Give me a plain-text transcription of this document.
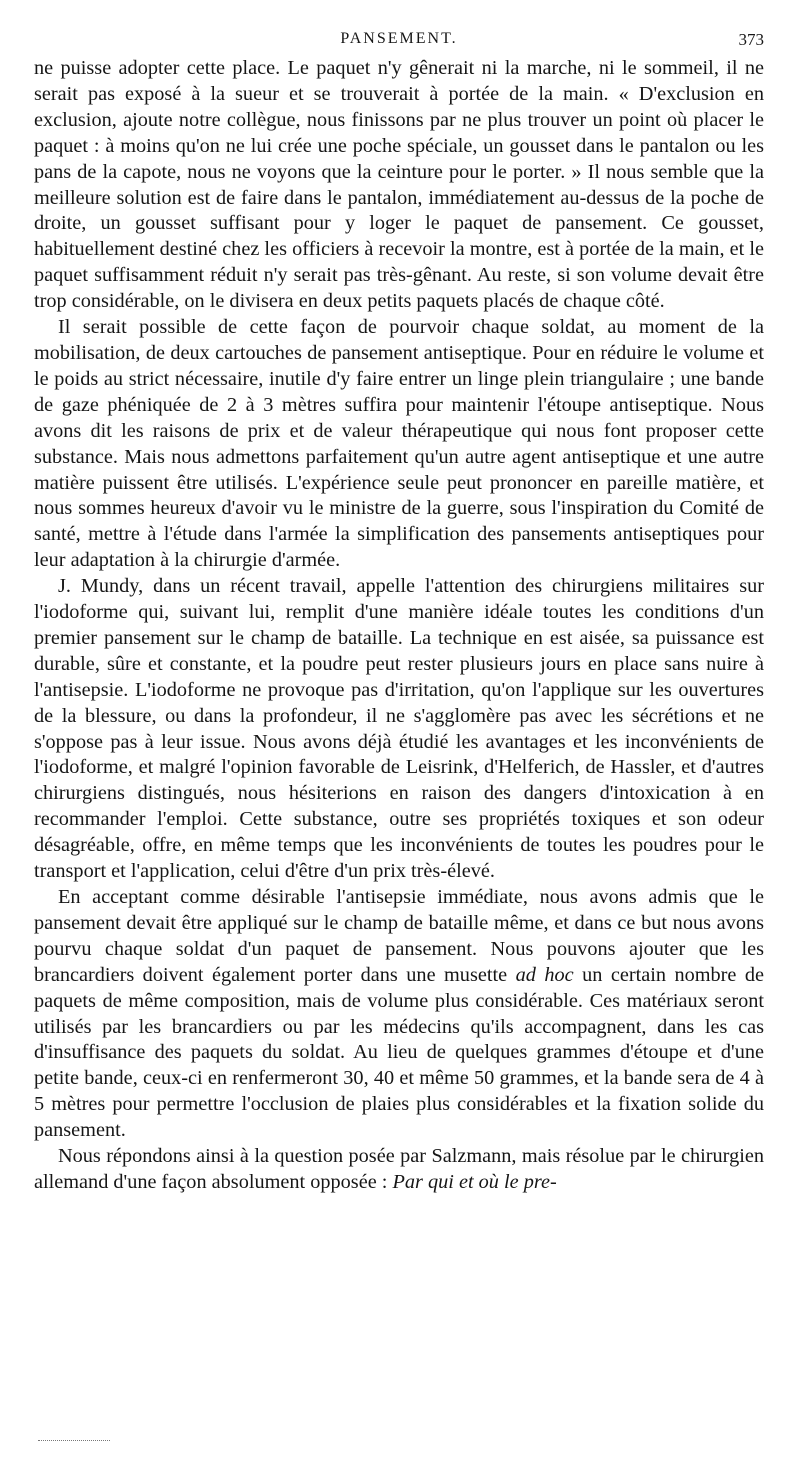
PANSEMENT.	373

ne puisse adopter cette place. Le paquet n'y gênerait ni la marche, ni le sommeil, il ne serait pas exposé à la sueur et se trouverait à portée de la main. « D'exclusion en exclusion, ajoute notre collègue, nous finissons par ne plus trouver un point où placer le paquet : à moins qu'on ne lui crée une poche spéciale, un gousset dans le pantalon ou les pans de la capote, nous ne voyons que la ceinture pour le porter. » Il nous semble que la meilleure solution est de faire dans le pantalon, immédiatement au-dessus de la poche de droite, un gousset suffisant pour y loger le paquet de pansement. Ce gousset, habituellement destiné chez les officiers à recevoir la montre, est à portée de la main, et le paquet suffisamment réduit n'y serait pas très-gênant. Au reste, si son volume devait être trop considérable, on le divisera en deux petits paquets placés de chaque côté.

Il serait possible de cette façon de pourvoir chaque soldat, au moment de la mobilisation, de deux cartouches de pansement antiseptique. Pour en réduire le volume et le poids au strict nécessaire, inutile d'y faire entrer un linge plein triangulaire ; une bande de gaze phéniquée de 2 à 3 mètres suffira pour maintenir l'étoupe antiseptique. Nous avons dit les raisons de prix et de valeur thérapeutique qui nous font proposer cette substance. Mais nous admettons parfaitement qu'un autre agent antiseptique et une autre matière puissent être utilisés. L'expérience seule peut prononcer en pareille matière, et nous sommes heureux d'avoir vu le ministre de la guerre, sous l'inspiration du Comité de santé, mettre à l'étude dans l'armée la simplification des pansements antiseptiques pour leur adaptation à la chirurgie d'armée.

J. Mundy, dans un récent travail, appelle l'attention des chirurgiens militaires sur l'iodoforme qui, suivant lui, remplit d'une manière idéale toutes les conditions d'un premier pansement sur le champ de bataille. La technique en est aisée, sa puissance est durable, sûre et constante, et la poudre peut rester plusieurs jours en place sans nuire à l'antisepsie. L'iodoforme ne provoque pas d'irritation, qu'on l'applique sur les ouvertures de la blessure, ou dans la profondeur, il ne s'agglomère pas avec les sécrétions et ne s'oppose pas à leur issue. Nous avons déjà étudié les avantages et les inconvénients de l'iodoforme, et malgré l'opinion favorable de Leisrink, d'Helferich, de Hassler, et d'autres chirurgiens distingués, nous hésiterions en raison des dangers d'intoxication à en recommander l'emploi. Cette substance, outre ses propriétés toxiques et son odeur désagréable, offre, en même temps que les inconvénients de toutes les poudres pour le transport et l'application, celui d'être d'un prix très-élevé.

En acceptant comme désirable l'antisepsie immédiate, nous avons admis que le pansement devait être appliqué sur le champ de bataille même, et dans ce but nous avons pourvu chaque soldat d'un paquet de pansement. Nous pouvons ajouter que les brancardiers doivent également porter dans une musette ad hoc un certain nombre de paquets de même composition, mais de volume plus considérable. Ces matériaux seront utilisés par les brancardiers ou par les médecins qu'ils accompagnent, dans les cas d'insuffisance des paquets du soldat. Au lieu de quelques grammes d'étoupe et d'une petite bande, ceux-ci en renfermeront 30, 40 et même 50 grammes, et la bande sera de 4 à 5 mètres pour permettre l'occlusion de plaies plus considérables et la fixation solide du pansement.

Nous répondons ainsi à la question posée par Salzmann, mais résolue par le chirurgien allemand d'une façon absolument opposée : Par qui et où le pre-
